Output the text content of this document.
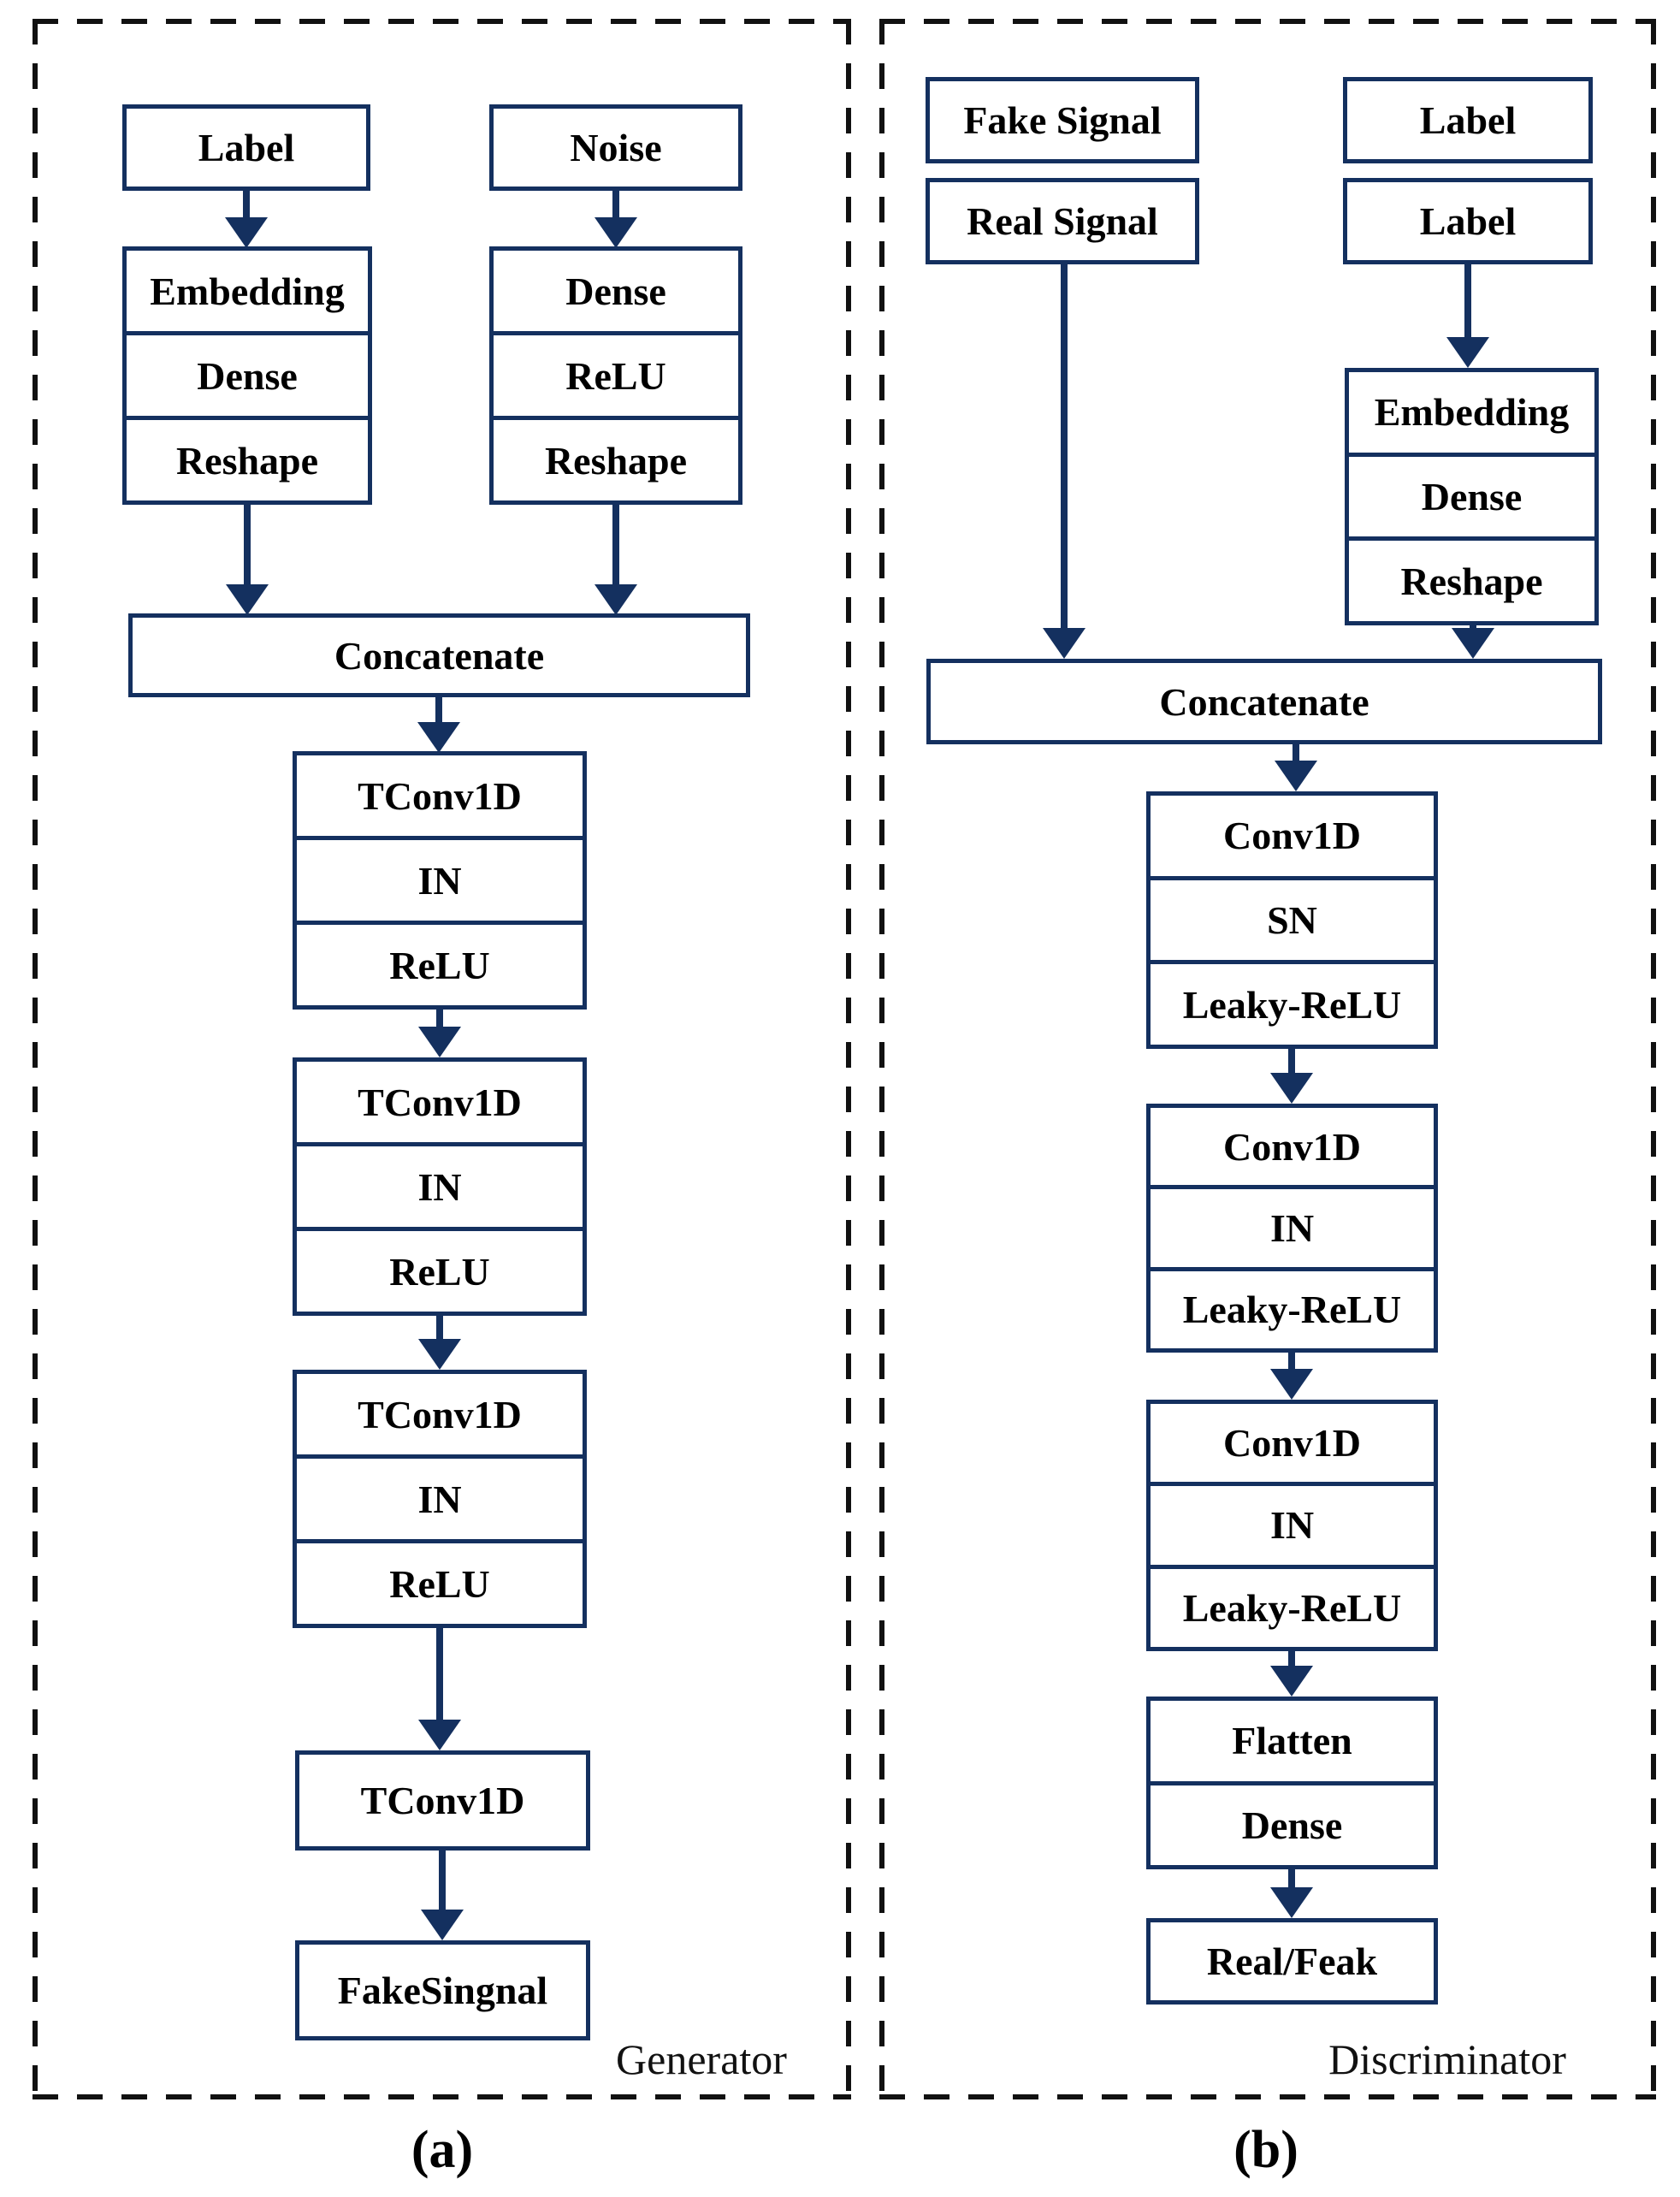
Label	Noise
Embedding
Dense
Reshape
Dense
ReLU
Reshape
Concatenate
TConv1D
IN
ReLU
TConv1D
IN
ReLU
TConv1D
IN
ReLU
TConv1D
FakeSingnal
Generator
(a)
Fake Signal
Real Signal
Label
Label
Embedding
Dense
Reshape
Concatenate
Conv1D
SN
Leaky-ReLU
Conv1D
IN
Leaky-ReLU
Conv1D
IN
Leaky-ReLU
Flatten
Dense
Real/Feak
Discriminator
(b)
